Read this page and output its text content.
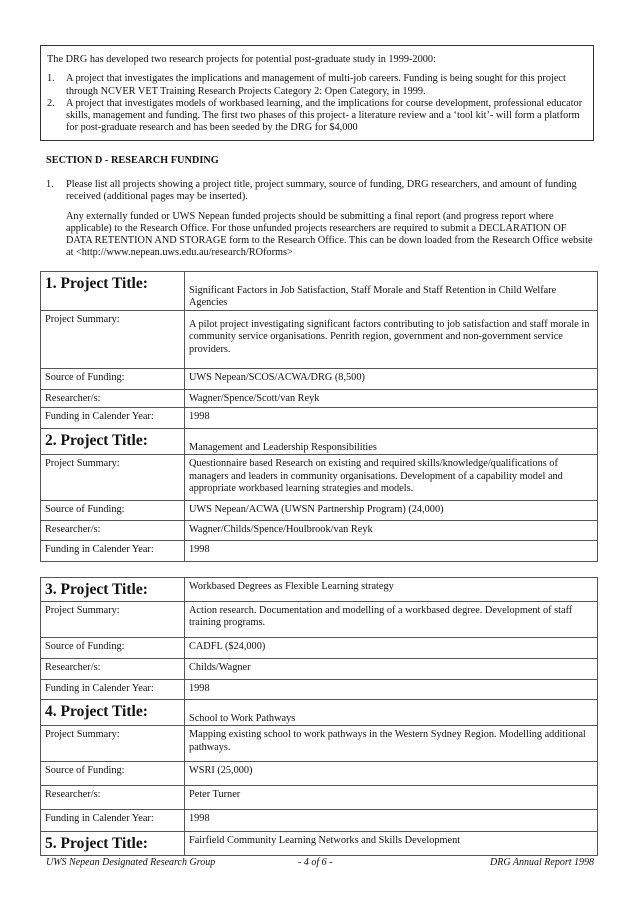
The DRG has developed two research projects for potential post-graduate study in 1999-2000:

1. A project that investigates the implications and management of multi-job careers. Funding is being sought for this project through NCVER VET Training Research Projects Category 2: Open Category, in 1999.
2. A project that investigates models of workbased learning, and the implications for course development, professional educator skills, management and funding. The first two phases of this project- a literature review and a ‘tool kit’- will form a platform for post-graduate research and has been seeded by the DRG for $4,000
SECTION D - RESEARCH FUNDING
1. Please list all projects showing a project title, project summary, source of funding, DRG researchers, and amount of funding received (additional pages may be inserted).

Any externally funded or UWS Nepean funded projects should be submitting a final report (and progress report where applicable) to the Research Office. For those unfunded projects researchers are required to submit a DECLARATION OF DATA RETENTION AND STORAGE form to the Research Office. This can be down loaded from the Research Office website at <http://www.nepean.uws.edu.au/research/ROforms>

1. Project Title:	Significant Factors in Job Satisfaction, Staff Morale and Staff Retention in Child Welfare Agencies

Project Summary:	A pilot project investigating significant factors contributing to job satisfaction and staff morale in community service organisations. Penrith region, government and non-government service providers.

Source of Funding:	UWS Nepean/SCOS/ACWA/DRG (8,500)
Researcher/s:	Wagner/Spence/Scott/van Reyk
Funding in Calender Year:	1998
2. Project Title:	Management and Leadership Responsibilities

Project Summary:	Questionnaire based Research on existing and required skills/knowledge/qualifications of managers and leaders in community organisations. Development of a capability model and appropriate workbased learning strategies and models.
Source of Funding:	UWS Nepean/ACWA (UWSN Partnership Program) (24,000)
Researcher/s:	Wagner/Childs/Spence/Houlbrook/van Reyk
Funding in Calender Year:	1998
3. Project Title:	Workbased Degrees as Flexible Learning strategy
Project Summary:	Action research. Documentation and modelling of a workbased degree. Development of staff training programs.
Source of Funding:	CADFL ($24,000)
Researcher/s:	Childs/Wagner
Funding in Calender Year:	1998
4. Project Title:	School to Work Pathways

Project Summary:	Mapping existing school to work pathways in the Western Sydney Region. Modelling additional pathways.
Source of Funding:	WSRI (25,000)
Researcher/s:	Peter Turner
Funding in Calender Year:	1998
5. Project Title:	Fairfield Community Learning Networks and Skills Development
UWS Nepean Designated Research Group	- 4 of 6 -	DRG Annual Report 1998
